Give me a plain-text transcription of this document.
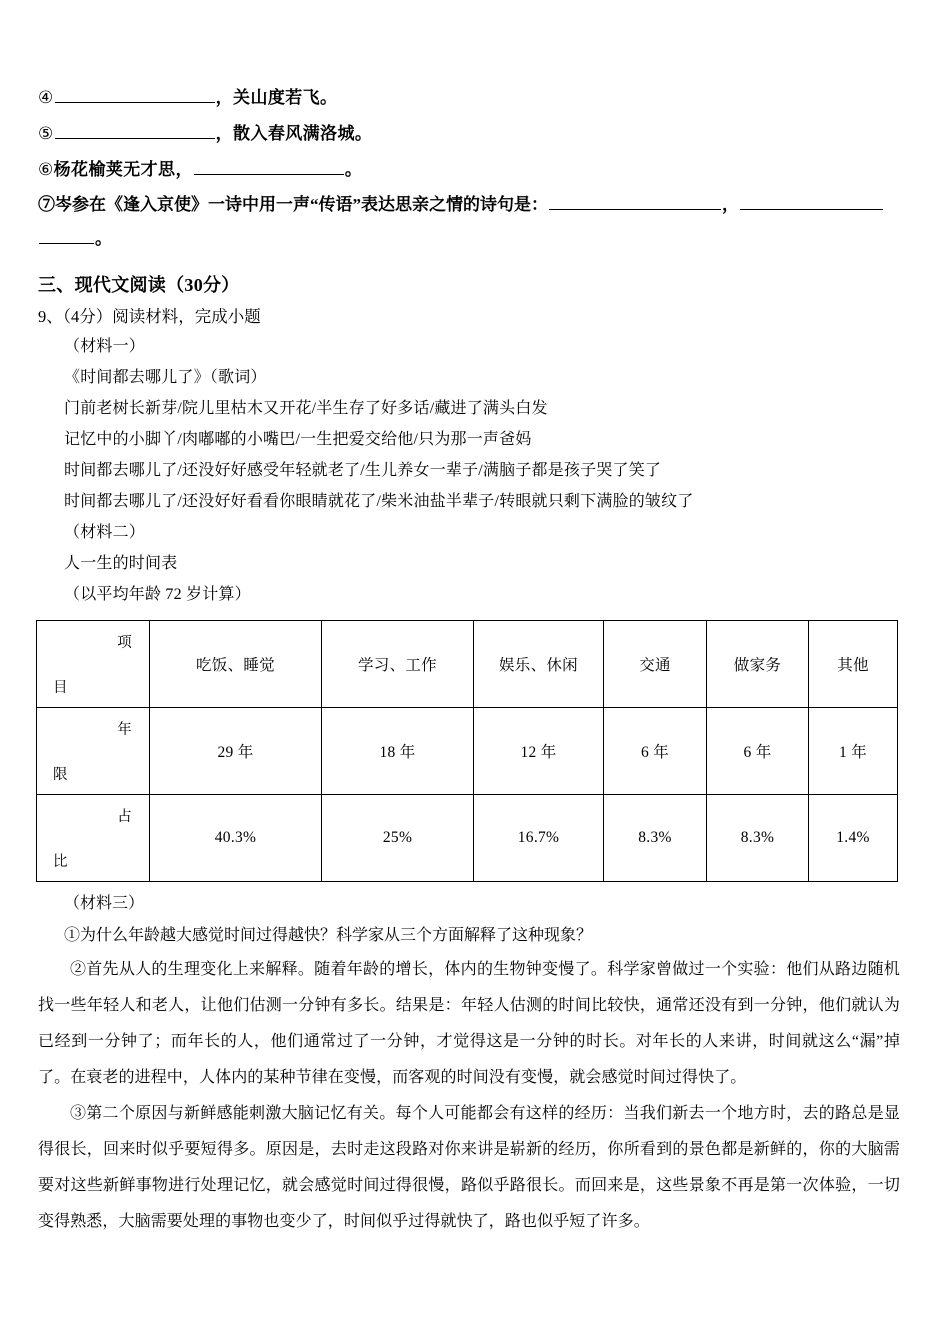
④	，关山度若飞。
⑤	，散入春风满洛城。
⑥杨花榆荚无才思，	。
⑦岑参在《逢入京使》一诗中用一声“传语”表达思亲之情的诗句是：	，
。
三、现代文阅读（30分）
9、（4分）阅读材料，完成小题
（材料一）
《时间都去哪儿了》（歌词）
门前老树长新芽/院儿里枯木又开花/半生存了好多话/藏进了满头白发
记忆中的小脚丫/肉嘟嘟的小嘴巴/一生把爱交给他/只为那一声爸妈
时间都去哪儿了/还没好好感受年轻就老了/生儿养女一辈子/满脑子都是孩子哭了笑了
时间都去哪儿了/还没好好看看你眼睛就花了/柴米油盐半辈子/转眼就只剩下满脸的皱纹了
（材料二）
人一生的时间表
（以平均年龄 72 岁计算）
项
目	吃饭、睡觉	学习、工作	娱乐、休闲	交通	做家务	其他

年
限	29 年	18 年	12 年	6 年	6 年	1 年

占
比	40.3%	25%	16.7%	8.3%	8.3%	1.4%
（材料三）

①为什么年龄越大感觉时间过得越快？科学家从三个方面解释了这种现象？

②首先从人的生理变化上来解释。随着年龄的增长，体内的生物钟变慢了。科学家曾做过一个实验：他们从路边随机找一些年轻人和老人，让他们估测一分钟有多长。结果是：年轻人估测的时间比较快，通常还没有到一分钟，他们就认为已经到一分钟了；而年长的人，他们通常过了一分钟，才觉得这是一分钟的时长。对年长的人来讲，时间就这么“漏”掉了。在衰老的进程中，人体内的某种节律在变慢，而客观的时间没有变慢，就会感觉时间过得快了。

③第二个原因与新鲜感能刺激大脑记忆有关。每个人可能都会有这样的经历：当我们新去一个地方时，去的路总是显得很长，回来时似乎要短得多。原因是，去时走这段路对你来讲是崭新的经历，你所看到的景色都是新鲜的，你的大脑需要对这些新鲜事物进行处理记忆，就会感觉时间过得很慢，路似乎路很长。而回来是，这些景象不再是第一次体验，一切变得熟悉，大脑需要处理的事物也变少了，时间似乎过得就快了，路也似乎短了许多。
